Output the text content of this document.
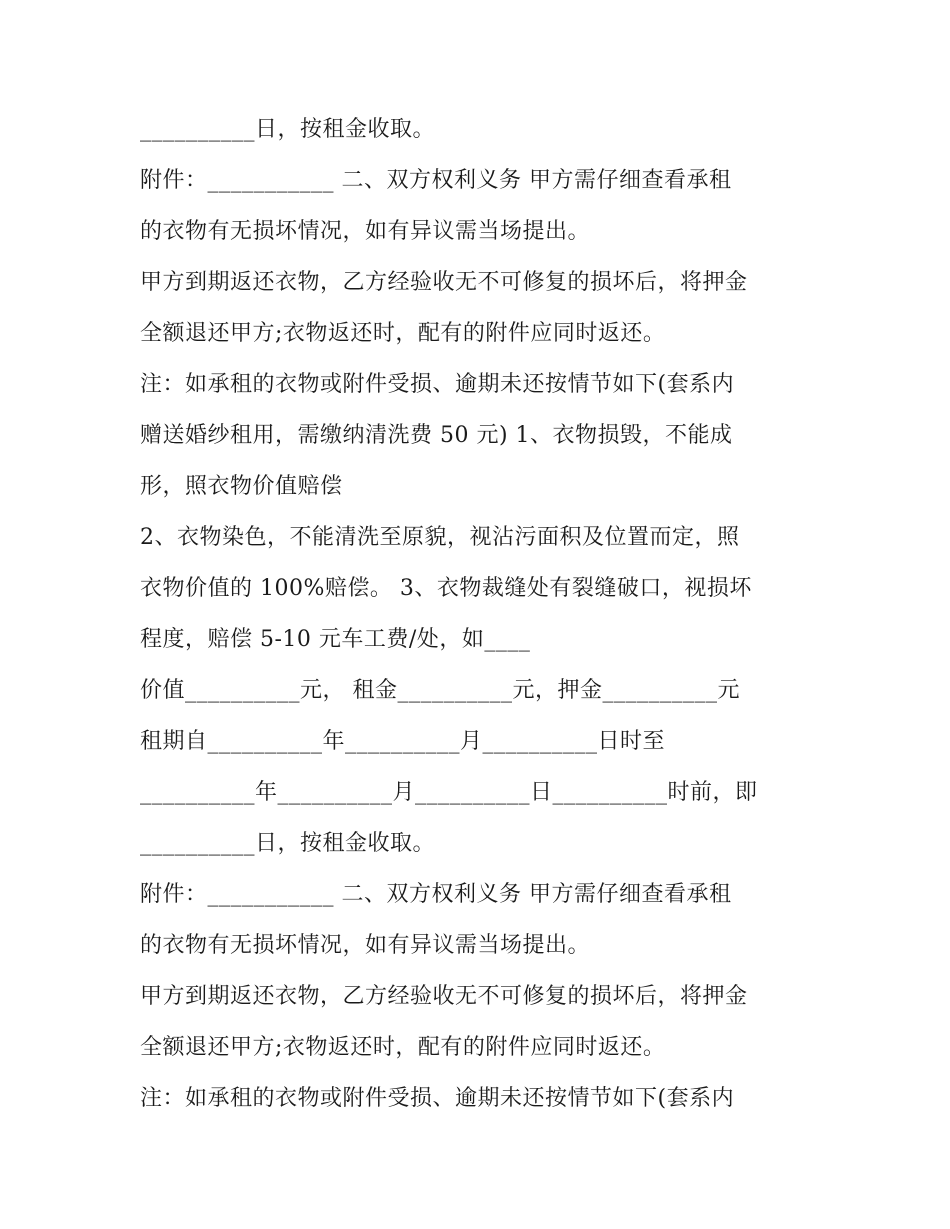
__________日，按租金收取。
附件：___________ 二、双方权利义务 甲方需仔细查看承租
的衣物有无损坏情况，如有异议需当场提出。
甲方到期返还衣物，乙方经验收无不可修复的损坏后，将押金
全额退还甲方;衣物返还时，配有的附件应同时返还。
注：如承租的衣物或附件受损、逾期未还按情节如下(套系内
赠送婚纱租用，需缴纳清洗费 50 元) 1、衣物损毁，不能成
形，照衣物价值赔偿
2、衣物染色，不能清洗至原貌，视沾污面积及位置而定，照
衣物价值的 100%赔偿。 3、衣物裁缝处有裂缝破口，视损坏
程度，赔偿 5-10 元车工费/处，如____
价值__________元， 租金__________元，押金__________元
租期自__________年__________月__________日时至
__________年__________月__________日__________时前，即
__________日，按租金收取。
附件：___________ 二、双方权利义务 甲方需仔细查看承租
的衣物有无损坏情况，如有异议需当场提出。
甲方到期返还衣物，乙方经验收无不可修复的损坏后，将押金
全额退还甲方;衣物返还时，配有的附件应同时返还。
注：如承租的衣物或附件受损、逾期未还按情节如下(套系内
